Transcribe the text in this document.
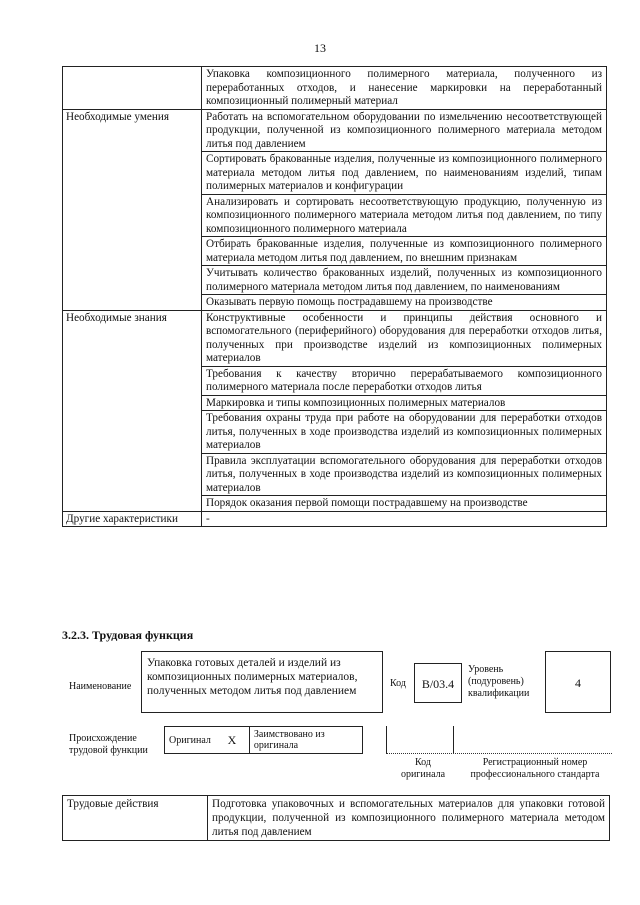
13
	Упаковка композиционного полимерного материала, полученного из переработанных отходов, и нанесение маркировки на переработанный композиционный полимерный материал
Необходимые умения	Работать на вспомогательном оборудовании по измельчению несоответствующей продукции, полученной из композиционного полимерного материала методом литья под давлением
	Сортировать бракованные изделия, полученные из композиционного полимерного материала методом литья под давлением, по наименованиям изделий, типам полимерных материалов и конфигурации
	Анализировать и сортировать несоответствующую продукцию, полученную из композиционного полимерного материала методом литья под давлением, по типу композиционного полимерного материала
	Отбирать бракованные изделия, полученные из композиционного полимерного материала методом литья под давлением, по внешним признакам
	Учитывать количество бракованных изделий, полученных из композиционного полимерного материала методом литья под давлением, по наименованиям
	Оказывать первую помощь пострадавшему на производстве
Необходимые знания	Конструктивные особенности и принципы действия основного и вспомогательного (периферийного) оборудования для переработки отходов литья, полученных при производстве изделий из композиционных полимерных материалов
	Требования к качеству вторично перерабатываемого композиционного полимерного материала после переработки отходов литья
	Маркировка и типы композиционных полимерных материалов
	Требования охраны труда при работе на оборудовании для переработки отходов литья, полученных в ходе производства изделий из композиционных полимерных материалов
	Правила эксплуатации вспомогательного оборудования для переработки отходов литья, полученных в ходе производства изделий из композиционных полимерных материалов
	Порядок оказания первой помощи пострадавшему на производстве
Другие характеристики	-
3.2.3. Трудовая функция
Наименование
Упаковка готовых деталей и изделий из композиционных полимерных материалов, полученных методом литья под давлением
Код	В/03.4
Уровень (подуровень) квалификации
4
Происхождение трудовой функции
Оригинал	X	Заимствовано из оригинала
Код оригинала
Регистрационный номер профессионального стандарта
Трудовые действия	Подготовка упаковочных и вспомогательных материалов для упаковки готовой продукции, полученной из композиционного полимерного материала методом литья под давлением
